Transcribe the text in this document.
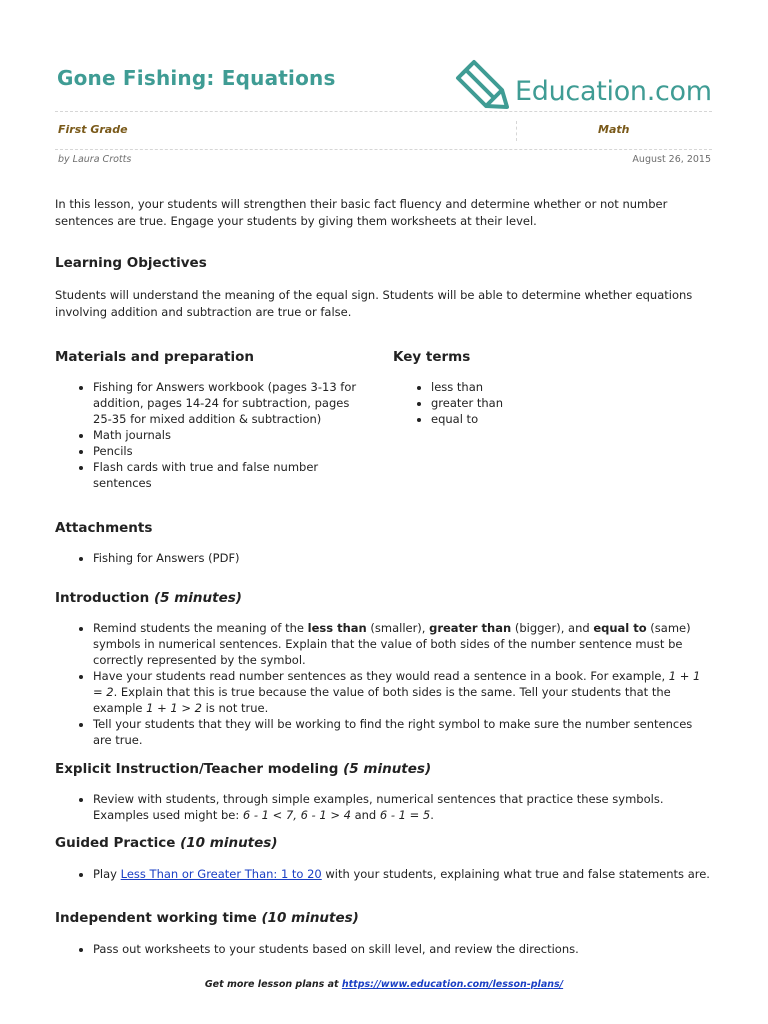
Gone Fishing: Equations	Education.com
First Grade	Math
by Laura Crotts	August 26, 2015
In this lesson, your students will strengthen their basic fact fluency and determine whether or not number sentences are true. Engage your students by giving them worksheets at their level.
Learning Objectives
Students will understand the meaning of the equal sign. Students will be able to determine whether equations involving addition and subtraction are true or false.
Materials and preparation
• Fishing for Answers workbook (pages 3-13 for addition, pages 14-24 for subtraction, pages 25-35 for mixed addition & subtraction)
• Math journals
• Pencils
• Flash cards with true and false number sentences
Key terms
• less than
• greater than
• equal to
Attachments
• Fishing for Answers (PDF)
Introduction (5 minutes)
• Remind students the meaning of the less than (smaller), greater than (bigger), and equal to (same) symbols in numerical sentences. Explain that the value of both sides of the number sentence must be correctly represented by the symbol.
• Have your students read number sentences as they would read a sentence in a book. For example, 1 + 1 = 2. Explain that this is true because the value of both sides is the same. Tell your students that the example 1 + 1 > 2 is not true.
• Tell your students that they will be working to find the right symbol to make sure the number sentences are true.
Explicit Instruction/Teacher modeling (5 minutes)
• Review with students, through simple examples, numerical sentences that practice these symbols. Examples used might be: 6 - 1 < 7, 6 - 1 > 4 and 6 - 1 = 5.
Guided Practice (10 minutes)
• Play Less Than or Greater Than: 1 to 20 with your students, explaining what true and false statements are.
Independent working time (10 minutes)
• Pass out worksheets to your students based on skill level, and review the directions.
Get more lesson plans at https://www.education.com/lesson-plans/
